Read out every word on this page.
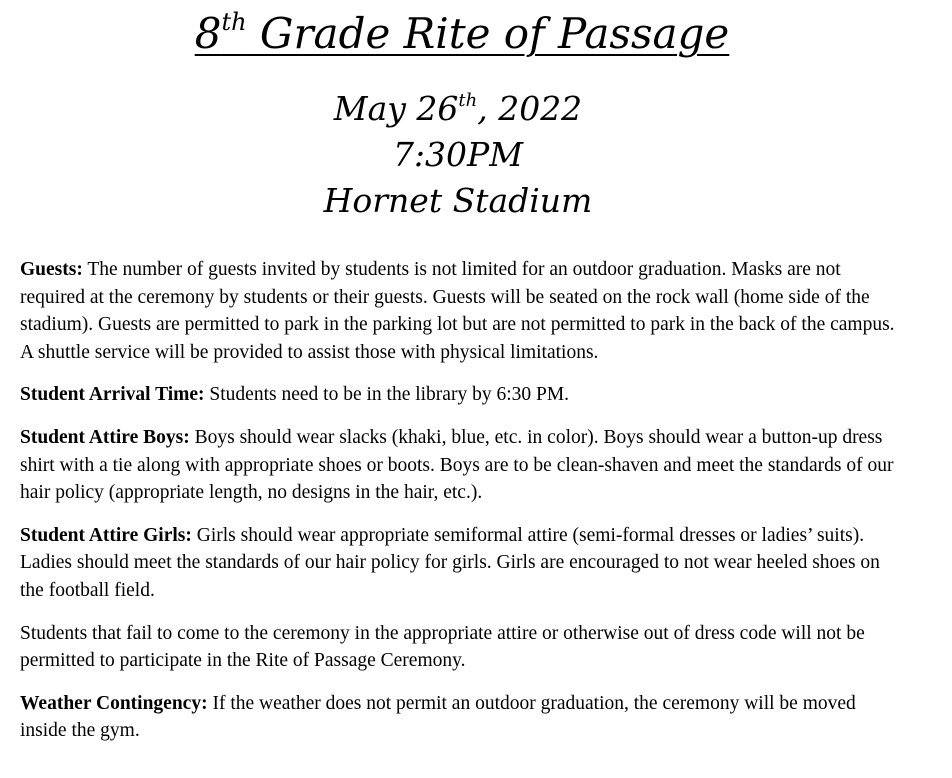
8th Grade Rite of Passage
May 26th, 2022
7:30PM
Hornet Stadium

Guests: The number of guests invited by students is not limited for an outdoor graduation. Masks are not required at the ceremony by students or their guests. Guests will be seated on the rock wall (home side of the stadium). Guests are permitted to park in the parking lot but are not permitted to park in the back of the campus. A shuttle service will be provided to assist those with physical limitations.

Student Arrival Time: Students need to be in the library by 6:30 PM.

Student Attire Boys: Boys should wear slacks (khaki, blue, etc. in color). Boys should wear a button-up dress shirt with a tie along with appropriate shoes or boots. Boys are to be clean-shaven and meet the standards of our hair policy (appropriate length, no designs in the hair, etc.).

Student Attire Girls: Girls should wear appropriate semiformal attire (semi-formal dresses or ladies’ suits). Ladies should meet the standards of our hair policy for girls. Girls are encouraged to not wear heeled shoes on the football field.

Students that fail to come to the ceremony in the appropriate attire or otherwise out of dress code will not be permitted to participate in the Rite of Passage Ceremony.

Weather Contingency: If the weather does not permit an outdoor graduation, the ceremony will be moved inside the gym.
